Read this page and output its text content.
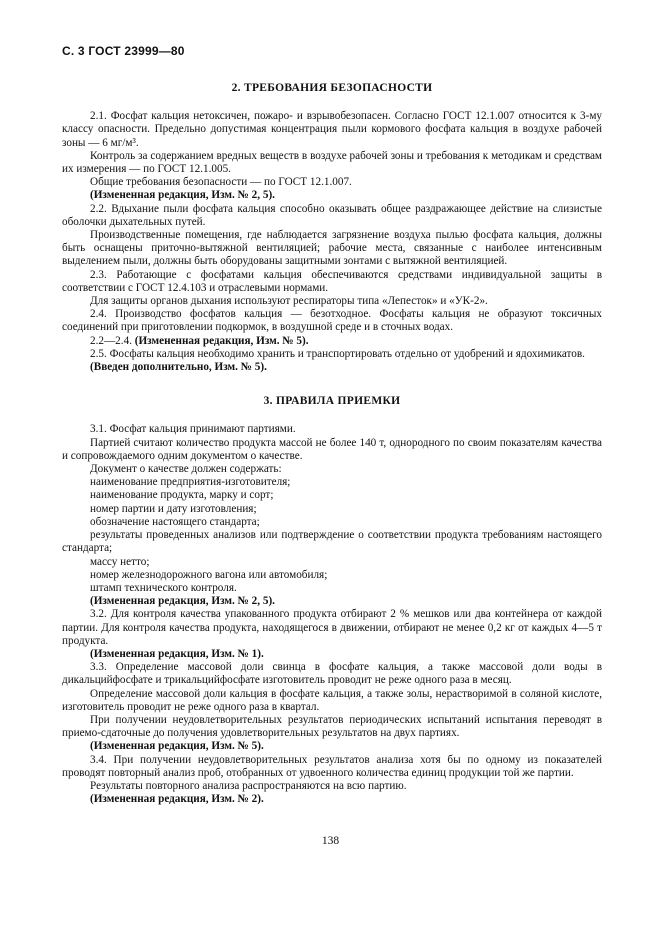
С. 3 ГОСТ 23999—80
2. ТРЕБОВАНИЯ БЕЗОПАСНОСТИ

2.1. Фосфат кальция нетоксичен, пожаро- и взрывобезопасен. Согласно ГОСТ 12.1.007 относится к 3-му классу опасности. Предельно допустимая концентрация пыли кормового фосфата кальция в воздухе рабочей зоны — 6 мг/м³.

Контроль за содержанием вредных веществ в воздухе рабочей зоны и требования к методикам и средствам их измерения — по ГОСТ 12.1.005.

Общие требования безопасности — по ГОСТ 12.1.007.

(Измененная редакция, Изм. № 2, 5).

2.2. Вдыхание пыли фосфата кальция способно оказывать общее раздражающее действие на слизистые оболочки дыхательных путей.

Производственные помещения, где наблюдается загрязнение воздуха пылью фосфата кальция, должны быть оснащены приточно-вытяжной вентиляцией; рабочие места, связанные с наиболее интенсивным выделением пыли, должны быть оборудованы защитными зонтами с вытяжной вентиляцией.

2.3. Работающие с фосфатами кальция обеспечиваются средствами индивидуальной защиты в соответствии с ГОСТ 12.4.103 и отраслевыми нормами.

Для защиты органов дыхания используют респираторы типа «Лепесток» и «УК-2».

2.4. Производство фосфатов кальция — безотходное. Фосфаты кальция не образуют токсичных соединений при приготовлении подкормок, в воздушной среде и в сточных водах.

2.2—2.4. (Измененная редакция, Изм. № 5).

2.5. Фосфаты кальция необходимо хранить и транспортировать отдельно от удобрений и ядохимикатов.

(Введен дополнительно, Изм. № 5).

3. ПРАВИЛА ПРИЕМКИ

3.1. Фосфат кальция принимают партиями.

Партией считают количество продукта массой не более 140 т, однородного по своим показателям качества и сопровождаемого одним документом о качестве.

Документ о качестве должен содержать:

наименование предприятия-изготовителя;

наименование продукта, марку и сорт;

номер партии и дату изготовления;

обозначение настоящего стандарта;

результаты проведенных анализов или подтверждение о соответствии продукта требованиям настоящего стандарта;

массу нетто;

номер железнодорожного вагона или автомобиля;

штамп технического контроля.

(Измененная редакция, Изм. № 2, 5).

3.2. Для контроля качества упакованного продукта отбирают 2 % мешков или два контейнера от каждой партии. Для контроля качества продукта, находящегося в движении, отбирают не менее 0,2 кг от каждых 4—5 т продукта.

(Измененная редакция, Изм. № 1).

3.3. Определение массовой доли свинца в фосфате кальция, а также массовой доли воды в дикальцийфосфате и трикальцийфосфате изготовитель проводит не реже одного раза в месяц.

Определение массовой доли кальция в фосфате кальция, а также золы, нерастворимой в соляной кислоте, изготовитель проводит не реже одного раза в квартал.

При получении неудовлетворительных результатов периодических испытаний испытания переводят в приемо-сдаточные до получения удовлетворительных результатов на двух партиях.

(Измененная редакция, Изм. № 5).

3.4. При получении неудовлетворительных результатов анализа хотя бы по одному из показателей проводят повторный анализ проб, отобранных от удвоенного количества единиц продукции той же партии.

Результаты повторного анализа распространяются на всю партию.

(Измененная редакция, Изм. № 2).

138
